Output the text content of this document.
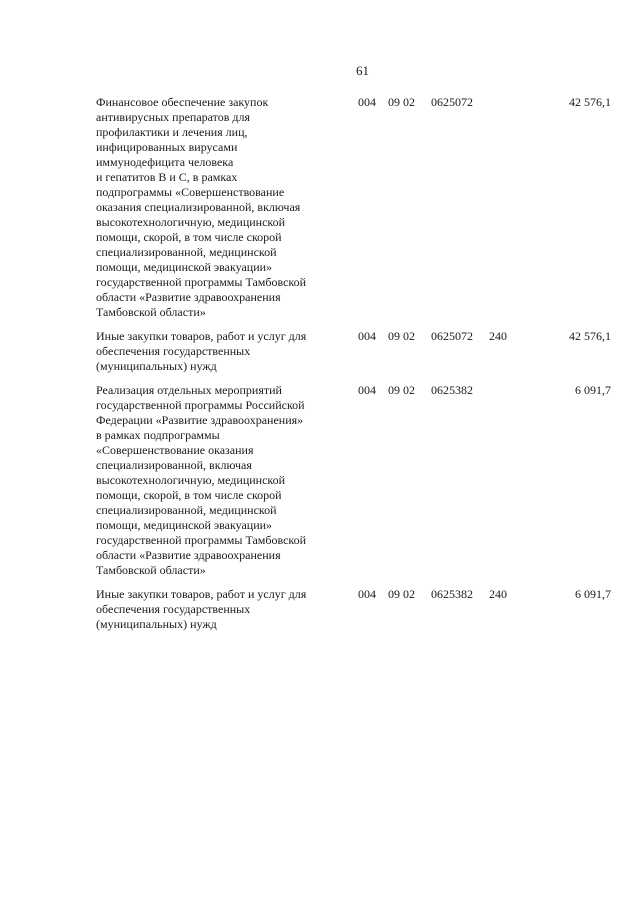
61
Финансовое обеспечение закупок
антивирусных препаратов для
профилактики и лечения лиц,
инфицированных вирусами
иммунодефицита человека
и гепатитов В и С, в рамках
подпрограммы «Совершенствование
оказания специализированной, включая
высокотехнологичную, медицинской
помощи, скорой, в том числе скорой
специализированной, медицинской
помощи, медицинской эвакуации»
государственной программы Тамбовской
области «Развитие здравоохранения
Тамбовской области»
004 09 02 0625072	42 576,1
Иные закупки товаров, работ и услуг для
обеспечения государственных
(муниципальных) нужд
004 09 02 0625072 240	42 576,1
Реализация отдельных мероприятий
государственной программы Российской
Федерации «Развитие здравоохранения»
в рамках подпрограммы
«Совершенствование оказания
специализированной, включая
высокотехнологичную, медицинской
помощи, скорой, в том числе скорой
специализированной, медицинской
помощи, медицинской эвакуации»
государственной программы Тамбовской
области «Развитие здравоохранения
Тамбовской области»
004 09 02 0625382	6 091,7
Иные закупки товаров, работ и услуг для
обеспечения государственных
(муниципальных) нужд
004 09 02 0625382 240	6 091,7
